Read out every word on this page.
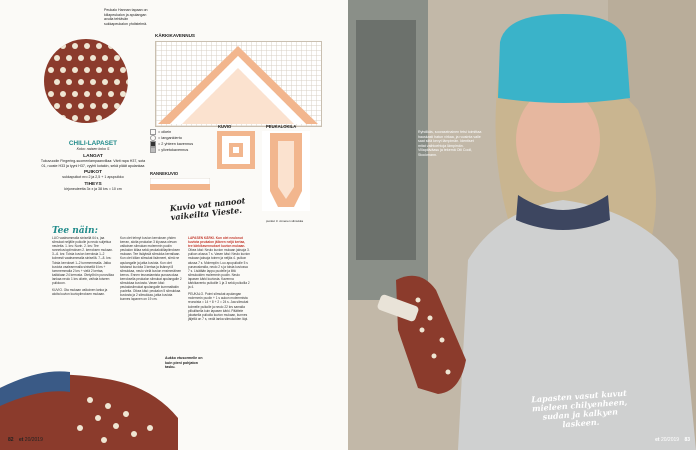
Peukalo Hannan tapaan on kiilapeukalon ja apulangan avulla tehtävän sukkapeukalon yhdistelmä.
KÄRKIKAVENNUS
= oikein
= langankierto
= 2 yhteen kavennus
= ylivetokavennus
KUVIO	PEUKALOKILA
punkut 3. vimenen silmukka
RANNEKUVIO
Kuvio vat nanoot vaikeilta Vieste.
CHILI-LAPASET
Koko: naisen koko S
LANGAT
Tukuvuodin Fingering-suomenlampaanvillaa: Värit rapa H37, sota 01, ruoste H33 ja tyyni H37, vyyhti kotakin, sekä pläät apulankaa
PUIKOT
sukkapuikot nro 2 ja 2,5 + 1 apupuikko
TIHEYS
kirjoneuleetta 3x x ja 38 krs = 10 cm
Tee näin:
LUO vaaleammalla sinisellä 64 s, jaa silmukat neljälle puikolle ja neulo suljettua neuletta. 1. krs: Nurin. 2. krs: Tee rannekuviopiirroksen 2. kerroksen mukaan. 3.–6. krs: Toista kuvion kerroksia 1–2 kolmesti vaaleammalla sinisellä. 7.–8. krs: Toista kerrokset 1–2 tummemmalla. Jatka kuviota vaaleammalla sinisellä 6 krs + tummemmalla 2 krs + vielä 2 kertaa, kaikkiaan 24 kerrosta. Otetyöhön punoviilaa lankaa neulo 1 krs oikein, vaihda toiseen puikkoon.
KUVIO. Ota mukaan valkoinen lanka ja aloita kuvion kuviopiirroksen mukaan.
Kun olet tehnyt kuvion kerroksen yhden kerran, aloita peukalon 3 kiyussa olevan valkoisen silmukan molemmin puolin peukalon kiilaa sekä peukalokiilapiirroksen mukaan. Tee lisäyksiä silmukka kerrallaan. Kun olet kiilan silmukat lisänneet, siirrä ne apulangalle ja jatka kuviota. Kun olet toistanut kuviota 3 kertaa ja lisännyt 8 silmukkaa, neulo vielä kuvion ensimmäinen kerros. Ennen teurastamista punavuokaa kerroksella peukalon silmukat apulangalle 2 silmukkaa kuviosta. Vasen käsi: peukalosilmukat apulangalle kummaltakin puolelta. Oikea käsi: peukalon 5 silmukkaa kuviosta ja 2 silmukkaa, jatka kuviota kunnes lapanen on 19 cm.
LAPASEN KÄRKI. Kun olet neulonut kuviota peukalon jälkeen neljä kertaa, tee kärkikavennukset kuvion mukaan.
Oikea käsi: Neulo kuvion mukaan jaksoja 3. puikon alussa 7 s. Vasen käsi: Neulo kuvion mukaan jaksoja toinen ja neljäs 4. puikon alussa 7 s. Molempiin: Luo apupuikolle 5 s punaruskealla, neulo 2 s ja toista kuviossa 7 s. Lisätään lappu puolelle ja liitä silmukoiden molemmin puolin. Neulo lapasen kärki kuviosta. Kavenna kärkikaventu puikoille 1 ja 3 sekä puikoilla 2 ja 4.
PEUKALO. Poimi silmukat apulangan molemmin puolin + 1 s aukon molemmista reunoista = 14 + 8 + 2 = 24 s. Jaa silmukat kolmelle puikolle ja neulo 22 krs samalla pilkullisella kuin lapasen kärki. Päättele jokaisella puikolla kuvion mukaan, kunnes jäljellä on 7 s, vedä lanka silmukoiden läpi.
Aukko etusormelle on kuin pieni pohjaton tasku.
82 et 20/2019
Ryhdikäs, sooraseinainen fetsi toimittaa hauskasti hatun virkaa, ja ruusinta valle saat siitä kevyt lämpimän. Identiset mitat vaihtoehtoja lämpimän. Villapäiväasu ja tekemä Oili Cooll, Stockmann.
Lapasten vasut kuvut mieleen chilyenheen, sudan ja kalkyen laskeen.
et 20/2019 83
